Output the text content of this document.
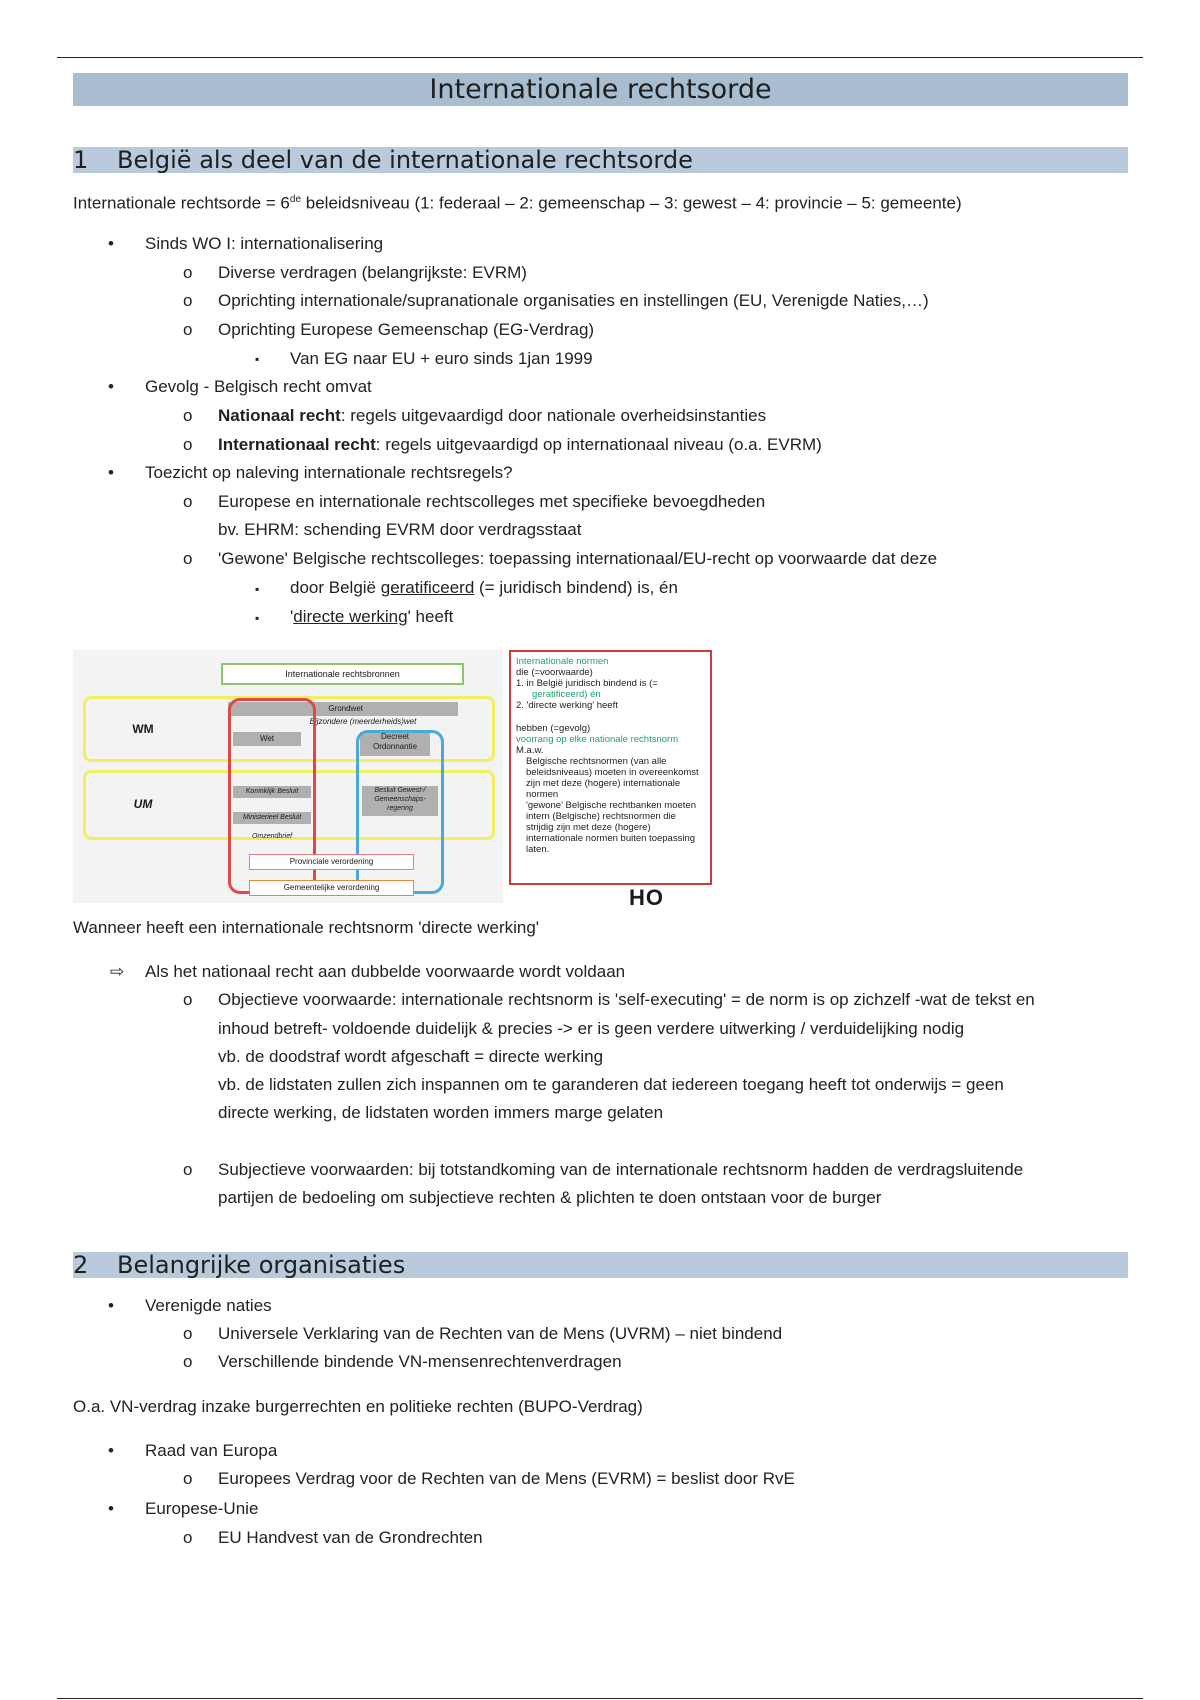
Internationale rechtsorde
1 België als deel van de internationale rechtsorde
Internationale rechtsorde = 6de beleidsniveau (1: federaal – 2: gemeenschap – 3: gewest – 4: provincie – 5: gemeente)
• Sinds WO I: internationalisering
o Diverse verdragen (belangrijkste: EVRM)
o Oprichting internationale/supranationale organisaties en instellingen (EU, Verenigde Naties,…)
o Oprichting Europese Gemeenschap (EG-Verdrag)
▪ Van EG naar EU + euro sinds 1jan 1999
• Gevolg - Belgisch recht omvat
o Nationaal recht: regels uitgevaardigd door nationale overheidsinstanties
o Internationaal recht: regels uitgevaardigd op internationaal niveau (o.a. EVRM)
• Toezicht op naleving internationale rechtsregels?
o Europese en internationale rechtscolleges met specifieke bevoegdheden
bv. EHRM: schending EVRM door verdragsstaat
o 'Gewone' Belgische rechtscolleges: toepassing internationaal/EU-recht op voorwaarde dat deze
▪ door België geratificeerd (= juridisch bindend) is, én
▪ 'directe werking' heeft
Internationale rechtsbronnen
WM
UM
Grondwet
Bijzondere (meerderheids)wet
Wet	Decreet
Ordonnantie
Koninklijk Besluit
Ministerieel Besluit
Omzendbrief
Besluit Gewest-/
Gemeenschaps-
regering
Provinciale verordening
Gemeentelijke verordening
Internationale normen
die (=voorwaarde)
1. in België juridisch bindend is (=
geratificeerd) én
2. 'directe werking' heeft
hebben (=gevolg)
voorrang op elke nationale rechtsnorm
M.a.w.
Belgische rechtsnormen (van alle beleidsniveaus) moeten in overeenkomst zijn met deze (hogere) internationale normen
'gewone' Belgische rechtbanken moeten intern (Belgische) rechtsnormen die strijdig zijn met deze (hogere) internationale normen buiten toepassing laten.
HO
Wanneer heeft een internationale rechtsnorm 'directe werking'
⇨ Als het nationaal recht aan dubbelde voorwaarde wordt voldaan
o Objectieve voorwaarde: internationale rechtsnorm is 'self-executing' = de norm is op zichzelf -wat de tekst en
inhoud betreft- voldoende duidelijk & precies -> er is geen verdere uitwerking / verduidelijking nodig
vb. de doodstraf wordt afgeschaft = directe werking
vb. de lidstaten zullen zich inspannen om te garanderen dat iedereen toegang heeft tot onderwijs = geen
directe werking, de lidstaten worden immers marge gelaten
o Subjectieve voorwaarden: bij totstandkoming van de internationale rechtsnorm hadden de verdragsluitende
partijen de bedoeling om subjectieve rechten & plichten te doen ontstaan voor de burger
2 Belangrijke organisaties
• Verenigde naties
o Universele Verklaring van de Rechten van de Mens (UVRM) – niet bindend
o Verschillende bindende VN-mensenrechtenverdragen
O.a. VN-verdrag inzake burgerrechten en politieke rechten (BUPO-Verdrag)
• Raad van Europa
o Europees Verdrag voor de Rechten van de Mens (EVRM) = beslist door RvE
• Europese-Unie
o EU Handvest van de Grondrechten
